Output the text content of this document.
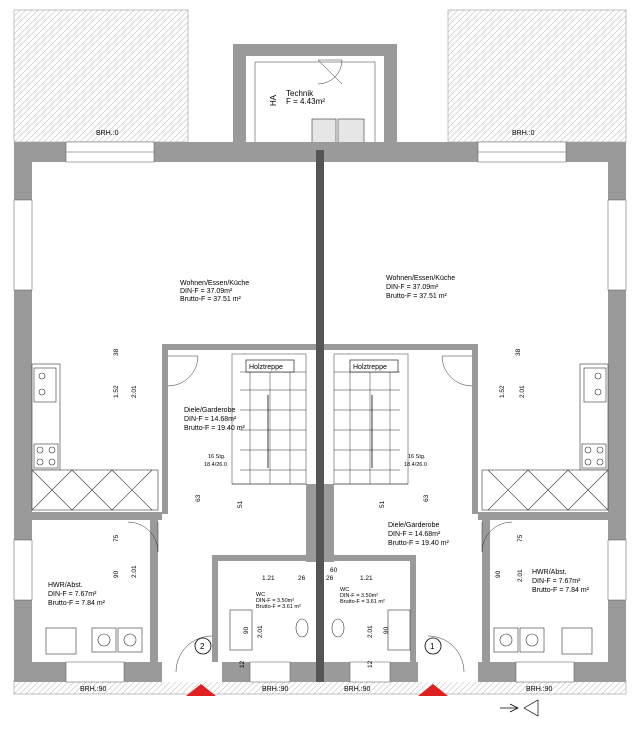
HA
Technik
F = 4.43m²
BRH.:0	BRH.:0
BRH.:90	BRH.:90	BRH.:90	BRH.:90
Wohnen/Essen/Küche
DIN-F = 37.09m²
Brutto-F = 37.51 m²
Wohnen/Essen/Küche
DIN-F = 37.09m²
Brutto-F = 37.51 m²
Holztreppe	Holztreppe
16 Stg.
18.4/26.0
16 Stg.
18.4/26.0
Diele/Garderobe
DIN-F = 14.68m²
Brutto-F = 19.40 m²
Diele/Garderobe
DIN-F = 14.68m²
Brutto-F = 19.40 m²
HWR/Abst.
DIN-F = 7.67m²
Brutto-F = 7.84 m²
HWR/Abst.
DIN-F = 7.67m²
Brutto-F = 7.84 m²
WC
DIN-F = 3.50m²
Brutto-F = 3.61 m²
WC
DIN-F = 3.50m²
Brutto-F = 3.61 m²
38
1.52 2.01
38
1.52 2.01
63
51
63
51
75
90 2.01
75
90 2.01
1.21	26	26	1.21
90 2.01	2.01 90
12	12
60
2	1
